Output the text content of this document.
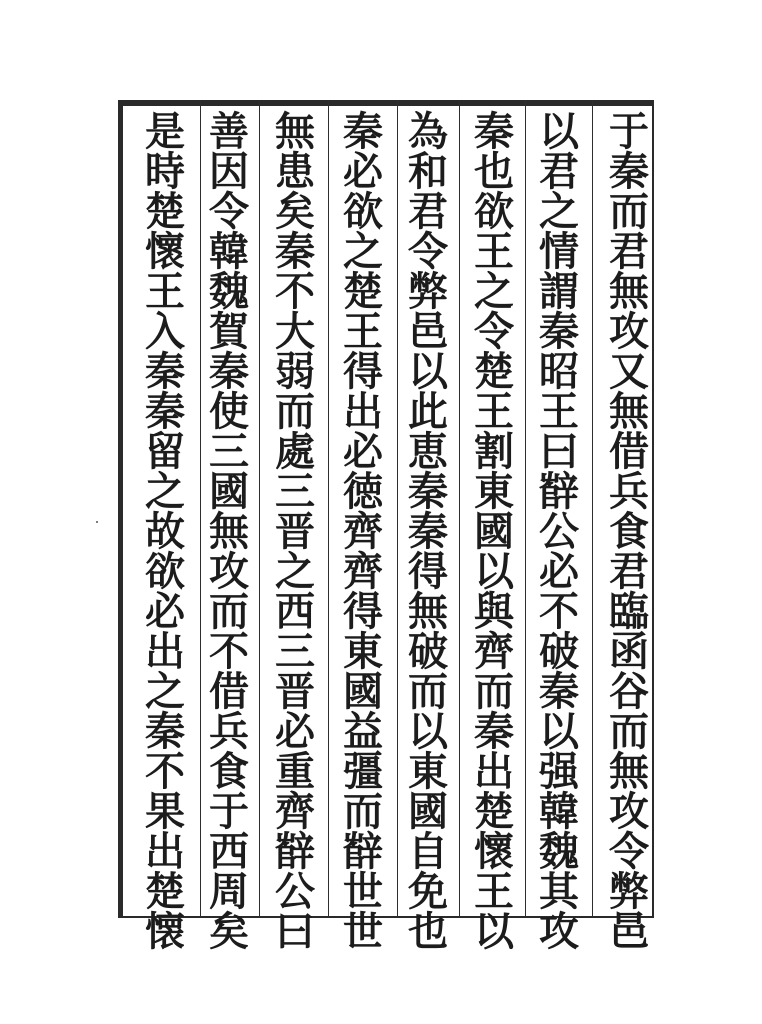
于
秦
而
君
無
攻
又
無
借
兵
食
君
臨
函
谷
而
無
攻
令
弊
邑
以
君
之
情
謂
秦
昭
王
曰
辥
公
必
不
破
秦
以
强
韓
魏
其
攻
秦
也
欲
王
之
令
楚
王
割
東
國
以
與
齊
而
秦
出
楚
懷
王
以
為
和
君
令
弊
邑
以
此
恵
秦
秦
得
無
破
而
以
東
國
自
免
也
秦
必
欲
之
楚
王
得
出
必
徳
齊
齊
得
東
國
益
彊
而
辥
世
世
無
患
矣
秦
不
大
弱
而
處
三
晋
之
西
三
晋
必
重
齊
辥
公
曰
善
因
令
韓
魏
賀
秦
使
三
國
無
攻
而
不
借
兵
食
于
西
周
矣
是
時
楚
懷
王
入
秦
秦
留
之
故
欲
必
出
之
秦
不
果
出
楚
懐
